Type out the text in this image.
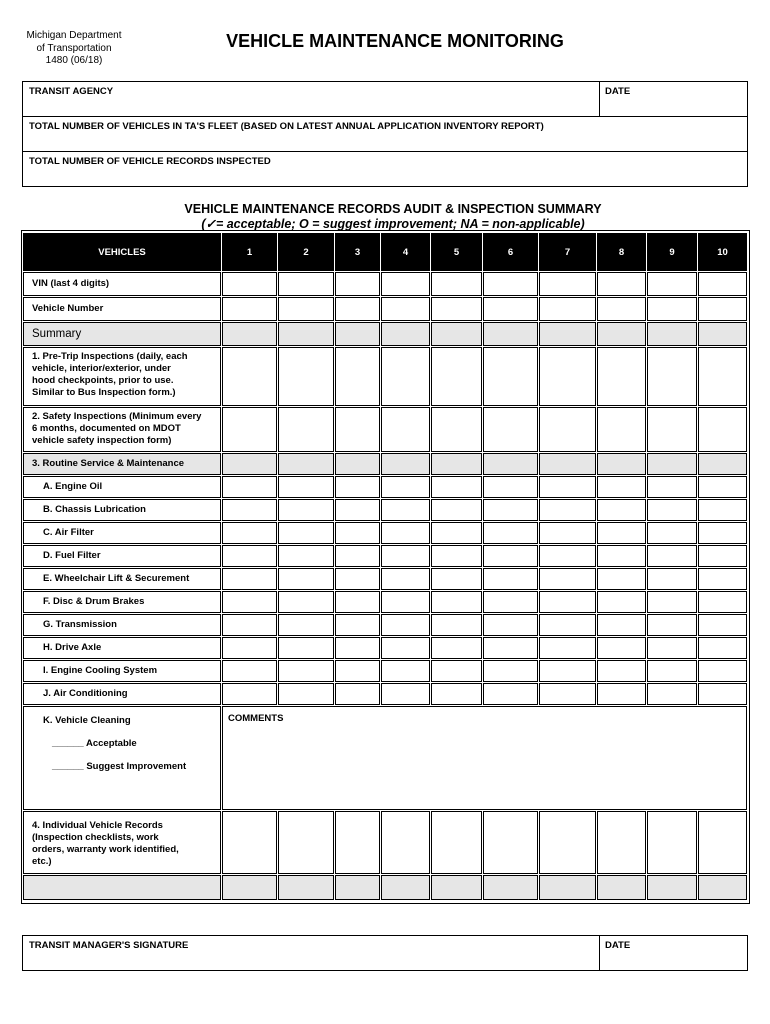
Michigan Department
of Transportation
1480 (06/18)
VEHICLE MAINTENANCE MONITORING
TRANSIT AGENCY	DATE
TOTAL NUMBER OF VEHICLES IN TA'S FLEET (BASED ON LATEST ANNUAL APPLICATION INVENTORY REPORT)
TOTAL NUMBER OF VEHICLE RECORDS INSPECTED
VEHICLE MAINTENANCE RECORDS AUDIT & INSPECTION SUMMARY
(✓= acceptable; O = suggest improvement; NA = non-applicable)
VEHICLES	1	2	3	4	5	6	7	8	9	10
VIN (last 4 digits)
Vehicle Number
Summary
1. Pre-Trip Inspections (daily, each
vehicle, interior/exterior, under
hood checkpoints, prior to use.
Similar to Bus Inspection form.)
2. Safety Inspections (Minimum every
6 months, documented on MDOT
vehicle safety inspection form)
3. Routine Service & Maintenance
A. Engine Oil
B. Chassis Lubrication
C. Air Filter
D. Fuel Filter
E. Wheelchair Lift & Securement
F. Disc & Drum Brakes
G. Transmission
H. Drive Axle
I. Engine Cooling System
J. Air Conditioning
K. Vehicle Cleaning
______ Acceptable
______ Suggest Improvement
COMMENTS
4. Individual Vehicle Records
(Inspection checklists, work
orders, warranty work identified,
etc.)
TRANSIT MANAGER'S SIGNATURE	DATE
